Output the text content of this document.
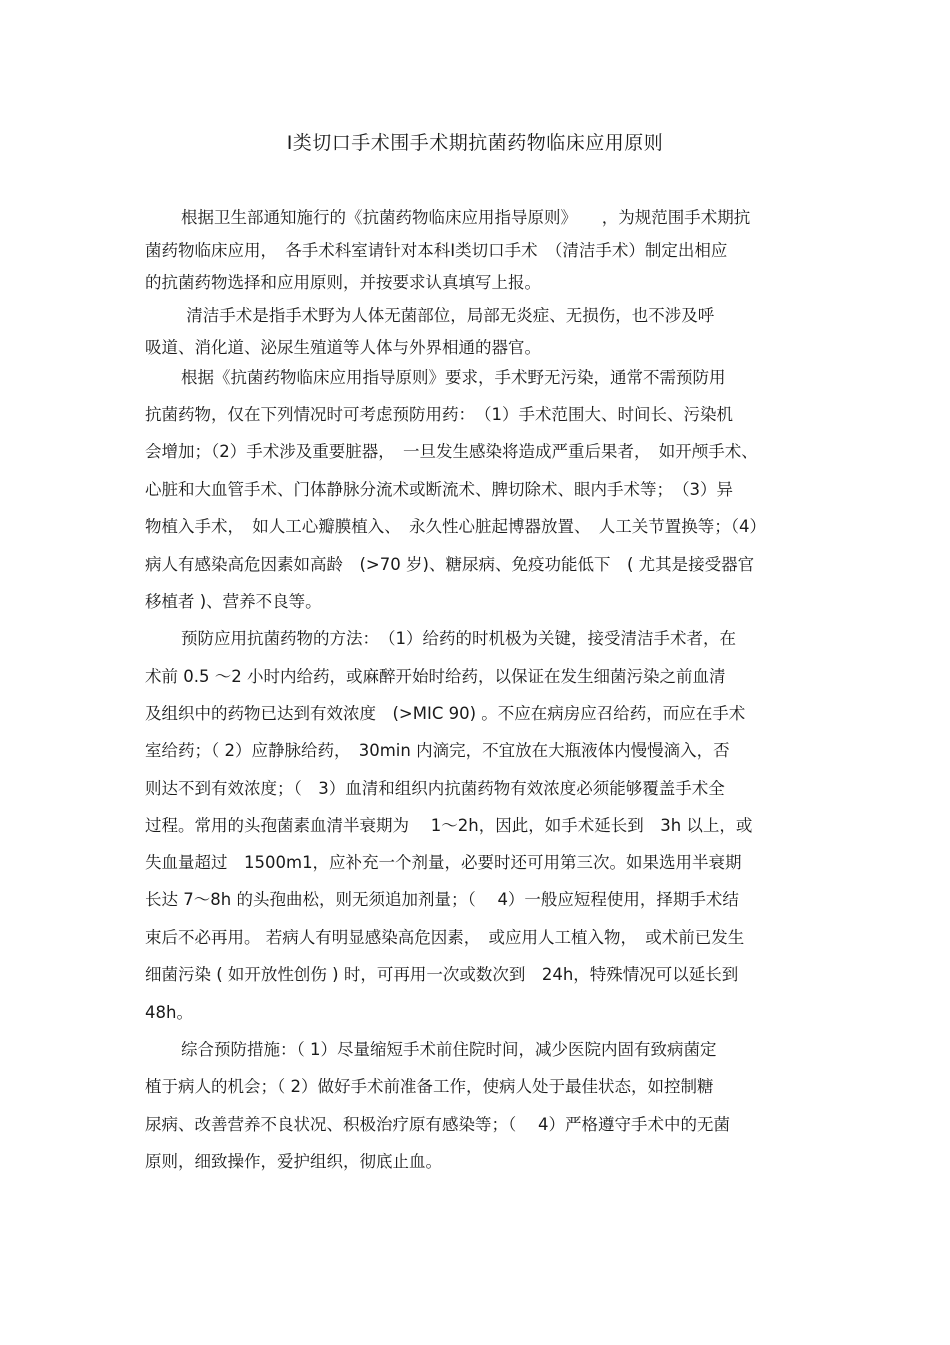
Ⅰ类切口手术围手术期抗菌药物临床应用原则
根据卫生部通知施行的《抗菌药物临床应用指导原则》　　，为规范围手术期抗
菌药物临床应用，　各手术科室请针对本科Ⅰ类切口手术　（清洁手术）制定出相应
的抗菌药物选择和应用原则，并按要求认真填写上报。
清洁手术是指手术野为人体无菌部位，局部无炎症、无损伤，也不涉及呼
吸道、消化道、泌尿生殖道等人体与外界相通的器官。
根据《抗菌药物临床应用指导原则》要求，手术野无污染，通常不需预防用
抗菌药物，仅在下列情况时可考虑预防用药：　（1）手术范围大、时间长、污染机
会增加；（2）手术涉及重要脏器，　一旦发生感染将造成严重后果者，　如开颅手术、
心脏和大血管手术、门体静脉分流术或断流术、脾切除术、眼内手术等；　（3）异
物植入手术，　如人工心瓣膜植入、　永久性心脏起博器放置、　人工关节置换等；（4）
病人有感染高危因素如高龄　(>70 岁)、糖尿病、免疫功能低下　( 尤其是接受器官
移植者 )、营养不良等。
预防应用抗菌药物的方法：　（1）给药的时机极为关键，接受清洁手术者，在
术前 0.5 ～2 小时内给药，或麻醉开始时给药，以保证在发生细菌污染之前血清
及组织中的药物已达到有效浓度　(>MIC 90) 。不应在病房应召给药，而应在手术
室给药；（ 2）应静脉给药，　30min 内滴完，不宜放在大瓶液体内慢慢滴入，否
则达不到有效浓度；（　3）血清和组织内抗菌药物有效浓度必须能够覆盖手术全
过程。常用的头孢菌素血清半衰期为　 1～2h，因此，如手术延长到　3h 以上，或
失血量超过　1500m1，应补充一个剂量，必要时还可用第三次。如果选用半衰期
长达 7～8h 的头孢曲松，则无须追加剂量；（　 4）一般应短程使用，择期手术结
束后不必再用。 若病人有明显感染高危因素，　或应用人工植入物，　或术前已发生
细菌污染 ( 如开放性创伤 ) 时，可再用一次或数次到　24h，特殊情况可以延长到
48h。
综合预防措施：（ 1）尽量缩短手术前住院时间，减少医院内固有致病菌定
植于病人的机会；（ 2）做好手术前准备工作，使病人处于最佳状态，如控制糖
尿病、改善营养不良状况、积极治疗原有感染等；（　 4）严格遵守手术中的无菌
原则，细致操作，爱护组织，彻底止血。
